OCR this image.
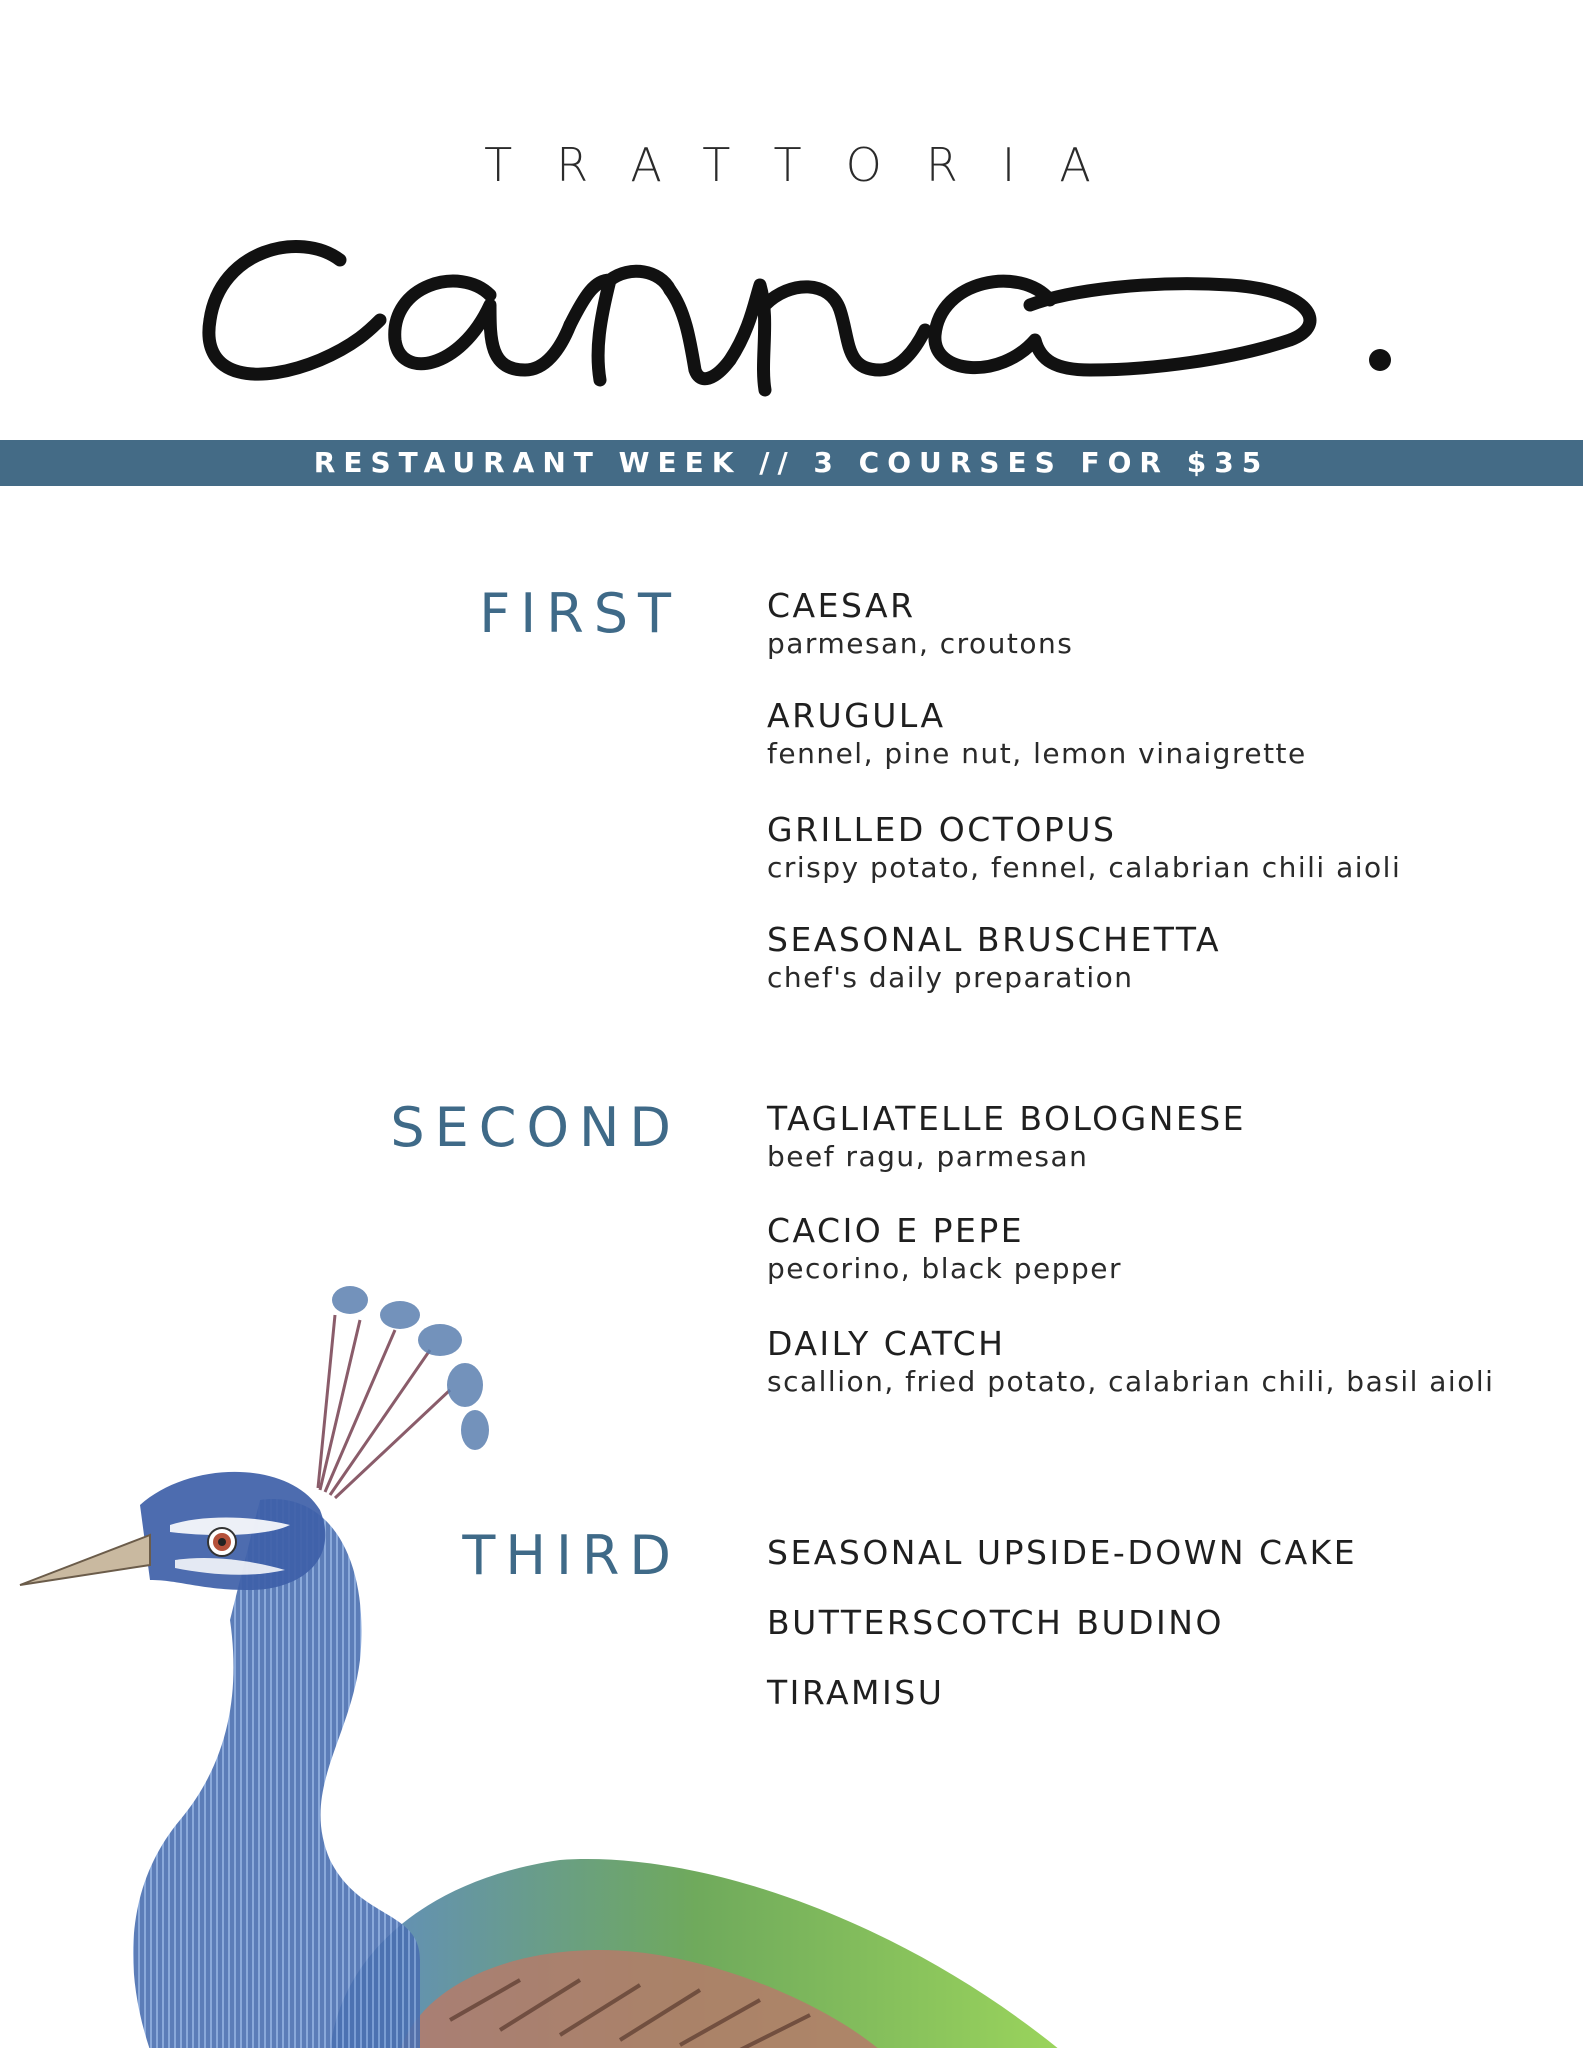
TRATTORIA
RESTAURANT WEEK // 3 COURSES FOR $35
FIRST	CAESAR
parmesan, croutons
ARUGULA
fennel, pine nut, lemon vinaigrette
GRILLED OCTOPUS
crispy potato, fennel, calabrian chili aioli
SEASONAL BRUSCHETTA
chef's daily preparation
SECOND	TAGLIATELLE BOLOGNESE
beef ragu, parmesan
CACIO E PEPE
pecorino, black pepper
DAILY CATCH
scallion, fried potato, calabrian chili, basil aioli
THIRD	SEASONAL UPSIDE-DOWN CAKE
BUTTERSCOTCH BUDINO
TIRAMISU
